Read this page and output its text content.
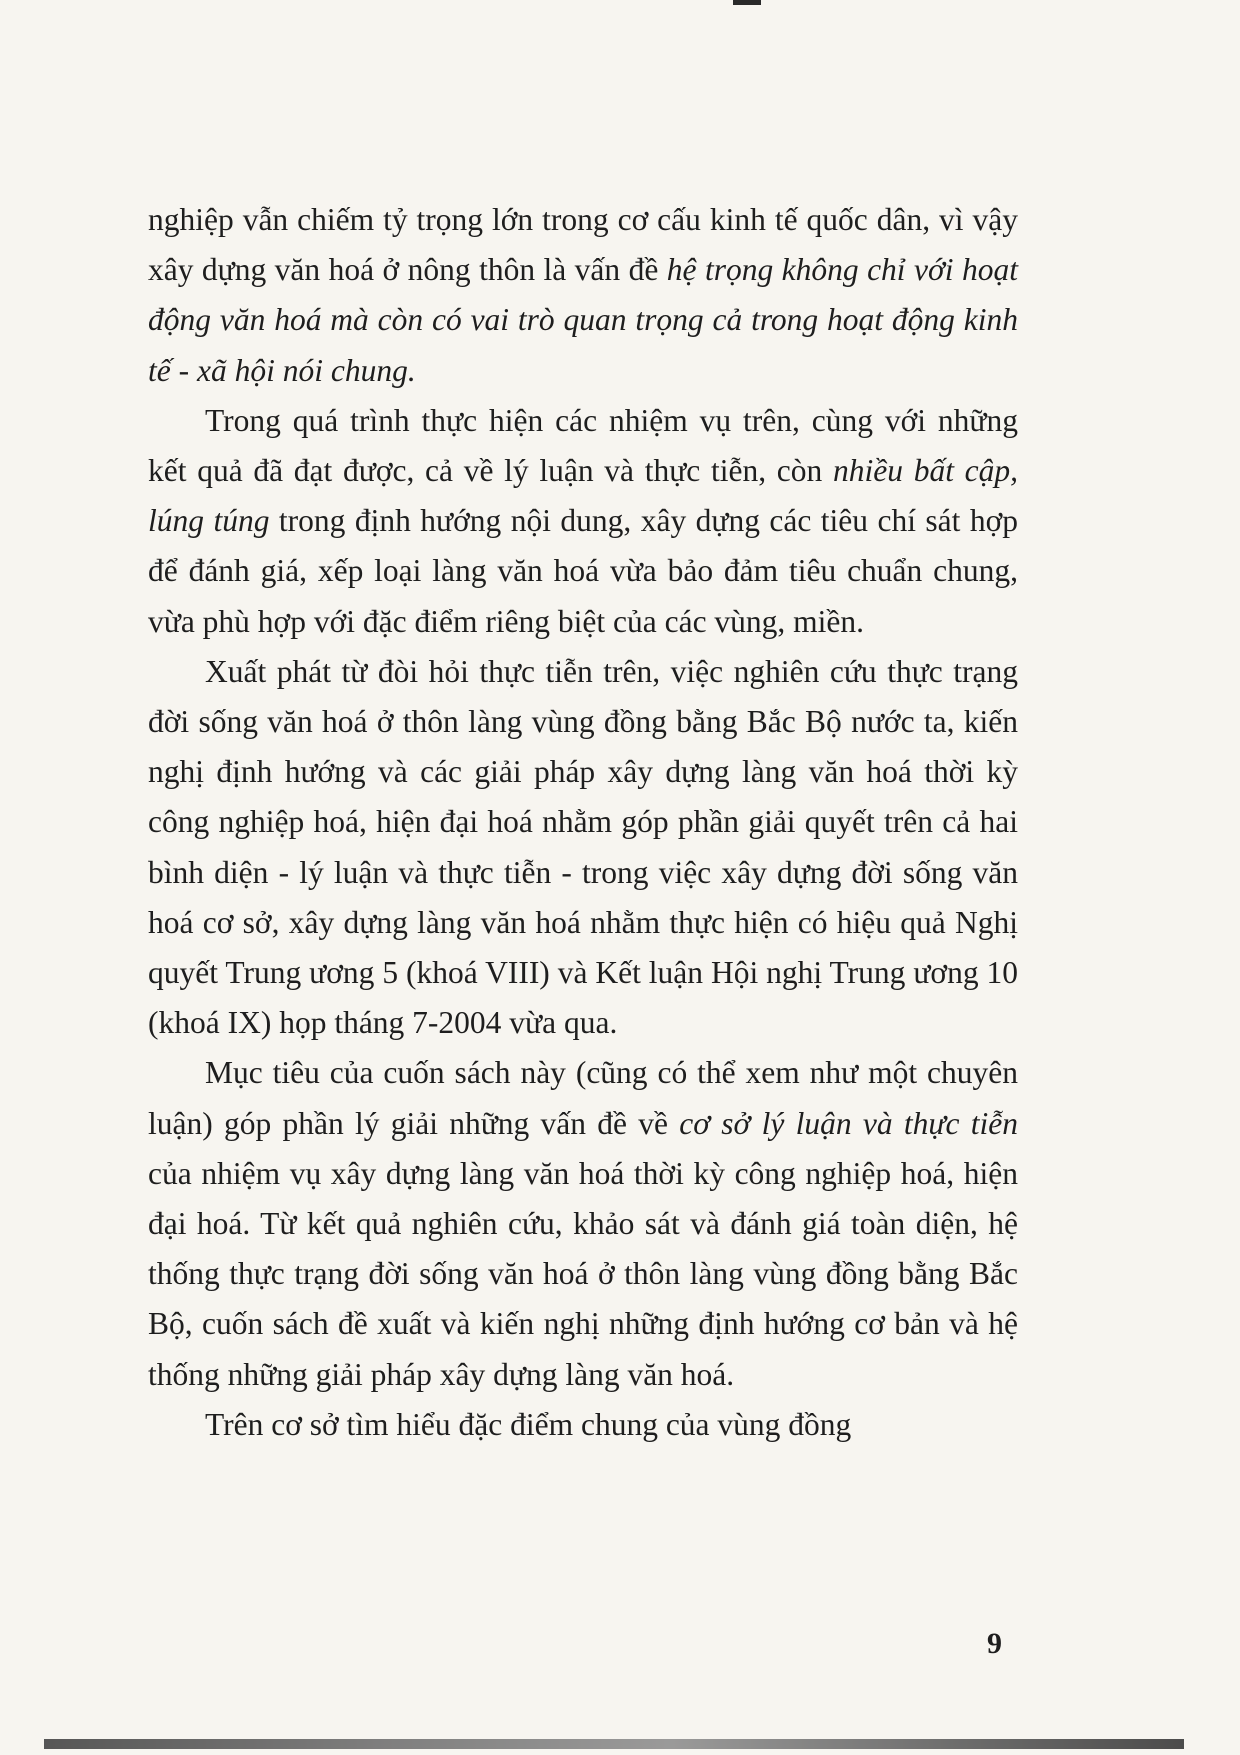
nghiệp vẫn chiếm tỷ trọng lớn trong cơ cấu kinh tế quốc dân, vì vậy xây dựng văn hoá ở nông thôn là vấn đề hệ trọng không chỉ với hoạt động văn hoá mà còn có vai trò quan trọng cả trong hoạt động kinh tế - xã hội nói chung.

Trong quá trình thực hiện các nhiệm vụ trên, cùng với những kết quả đã đạt được, cả về lý luận và thực tiễn, còn nhiều bất cập, lúng túng trong định hướng nội dung, xây dựng các tiêu chí sát hợp để đánh giá, xếp loại làng văn hoá vừa bảo đảm tiêu chuẩn chung, vừa phù hợp với đặc điểm riêng biệt của các vùng, miền.

Xuất phát từ đòi hỏi thực tiễn trên, việc nghiên cứu thực trạng đời sống văn hoá ở thôn làng vùng đồng bằng Bắc Bộ nước ta, kiến nghị định hướng và các giải pháp xây dựng làng văn hoá thời kỳ công nghiệp hoá, hiện đại hoá nhằm góp phần giải quyết trên cả hai bình diện - lý luận và thực tiễn - trong việc xây dựng đời sống văn hoá cơ sở, xây dựng làng văn hoá nhằm thực hiện có hiệu quả Nghị quyết Trung ương 5 (khoá VIII) và Kết luận Hội nghị Trung ương 10 (khoá IX) họp tháng 7-2004 vừa qua.

Mục tiêu của cuốn sách này (cũng có thể xem như một chuyên luận) góp phần lý giải những vấn đề về cơ sở lý luận và thực tiễn của nhiệm vụ xây dựng làng văn hoá thời kỳ công nghiệp hoá, hiện đại hoá. Từ kết quả nghiên cứu, khảo sát và đánh giá toàn diện, hệ thống thực trạng đời sống văn hoá ở thôn làng vùng đồng bằng Bắc Bộ, cuốn sách đề xuất và kiến nghị những định hướng cơ bản và hệ thống những giải pháp xây dựng làng văn hoá.

Trên cơ sở tìm hiểu đặc điểm chung của vùng đồng

9
